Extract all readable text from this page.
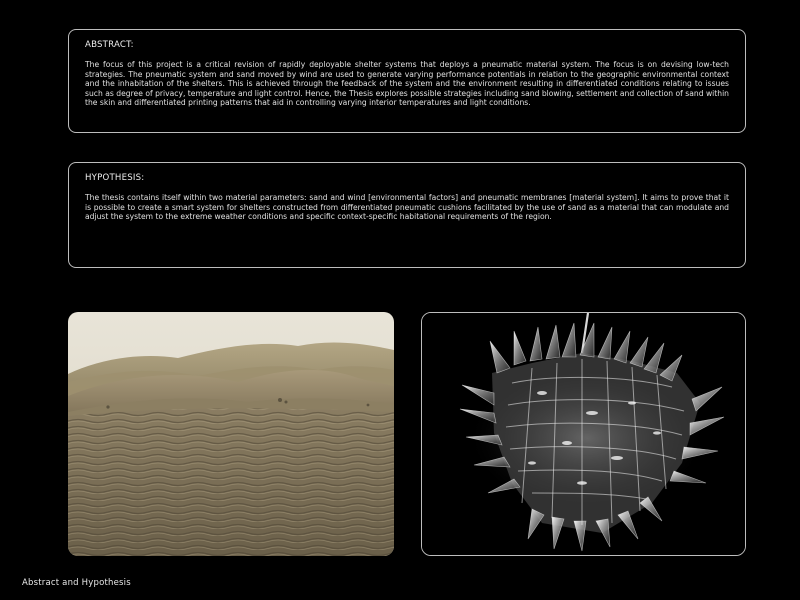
ABSTRACT:
The focus of this project is a critical revision of rapidly deployable shelter systems that deploys a pneumatic material system. The focus is on devising low-tech strategies. The pneumatic system and sand moved by wind are used to generate varying performance potentials in relation to the geographic environmental context and the inhabitation of the shelters. This is achieved through the feedback of the system and the environment resulting in differentiated conditions relating to issues such as degree of privacy, temperature and light control. Hence, the Thesis explores possible strategies including sand blowing, settlement and collection of sand within the skin and differentiated printing patterns that aid in controlling varying interior temperatures and light conditions.
HYPOTHESIS:
The thesis contains itself within two material parameters: sand and wind [environmental factors] and pneumatic membranes [material system]. It aims to prove that it is possible to create a smart system for shelters constructed from differentiated pneumatic cushions facilitated by the use of sand as a material that can modulate and adjust the system to the extreme weather conditions and specific context-specific habitational requirements of the region.
Abstract and Hypothesis
